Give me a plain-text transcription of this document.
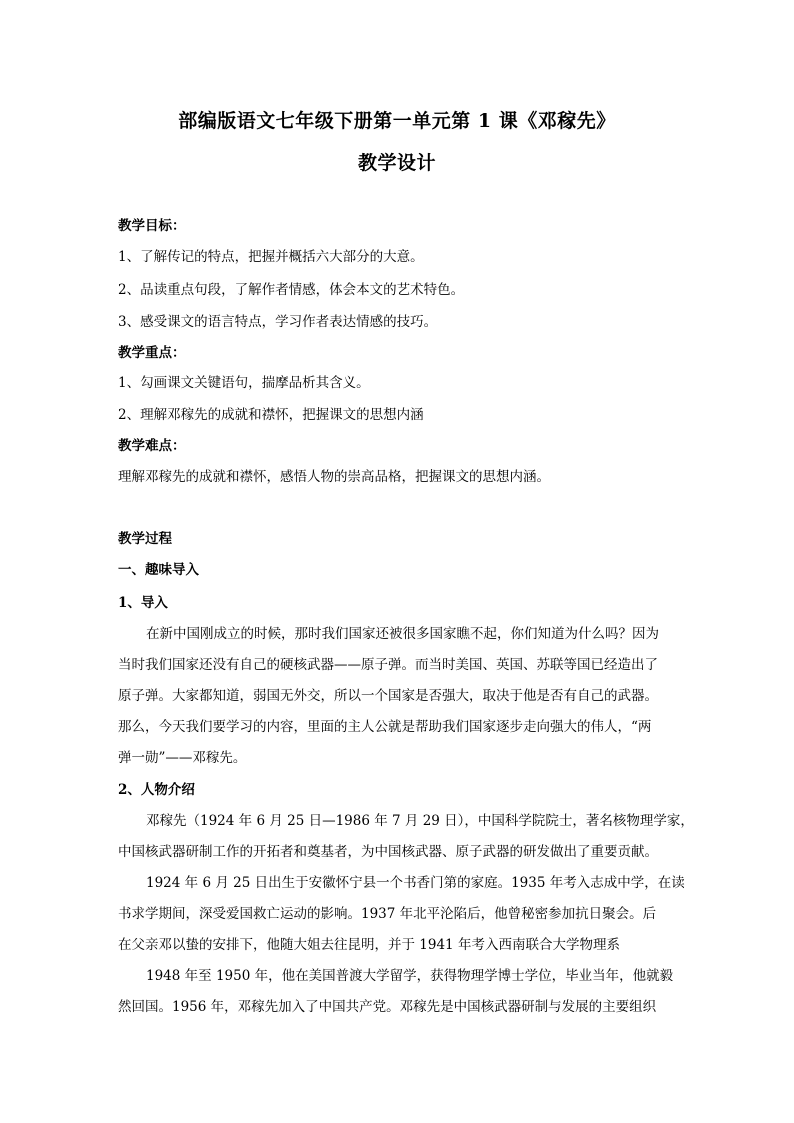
部编版语文七年级下册第一单元第 1 课《邓稼先》
教学设计
教学目标：
1、了解传记的特点，把握并概括六大部分的大意。
2、品读重点句段，了解作者情感，体会本文的艺术特色。
3、感受课文的语言特点，学习作者表达情感的技巧。
教学重点：
1、勾画课文关键语句，揣摩品析其含义。
2、理解邓稼先的成就和襟怀，把握课文的思想内涵
教学难点：
理解邓稼先的成就和襟怀，感悟人物的崇高品格，把握课文的思想内涵。
教学过程
一、趣味导入
1、导入
在新中国刚成立的时候，那时我们国家还被很多国家瞧不起，你们知道为什么吗？因为
当时我们国家还没有自己的硬核武器——原子弹。而当时美国、英国、苏联等国已经造出了
原子弹。大家都知道，弱国无外交，所以一个国家是否强大，取决于他是否有自己的武器。
那么，今天我们要学习的内容，里面的主人公就是帮助我们国家逐步走向强大的伟人，“两
弹一勋”——邓稼先。
2、人物介绍
邓稼先（1924 年 6 月 25 日—1986 年 7 月 29 日），中国科学院院士，著名核物理学家，
中国核武器研制工作的开拓者和奠基者，为中国核武器、原子武器的研发做出了重要贡献。
1924 年 6 月 25 日出生于安徽怀宁县一个书香门第的家庭。1935 年考入志成中学，在读
书求学期间，深受爱国救亡运动的影响。1937 年北平沦陷后，他曾秘密参加抗日聚会。后
在父亲邓以蛰的安排下，他随大姐去往昆明，并于 1941 年考入西南联合大学物理系
1948 年至 1950 年，他在美国普渡大学留学，获得物理学博士学位，毕业当年，他就毅
然回国。1956 年，邓稼先加入了中国共产党。邓稼先是中国核武器研制与发展的主要组织
